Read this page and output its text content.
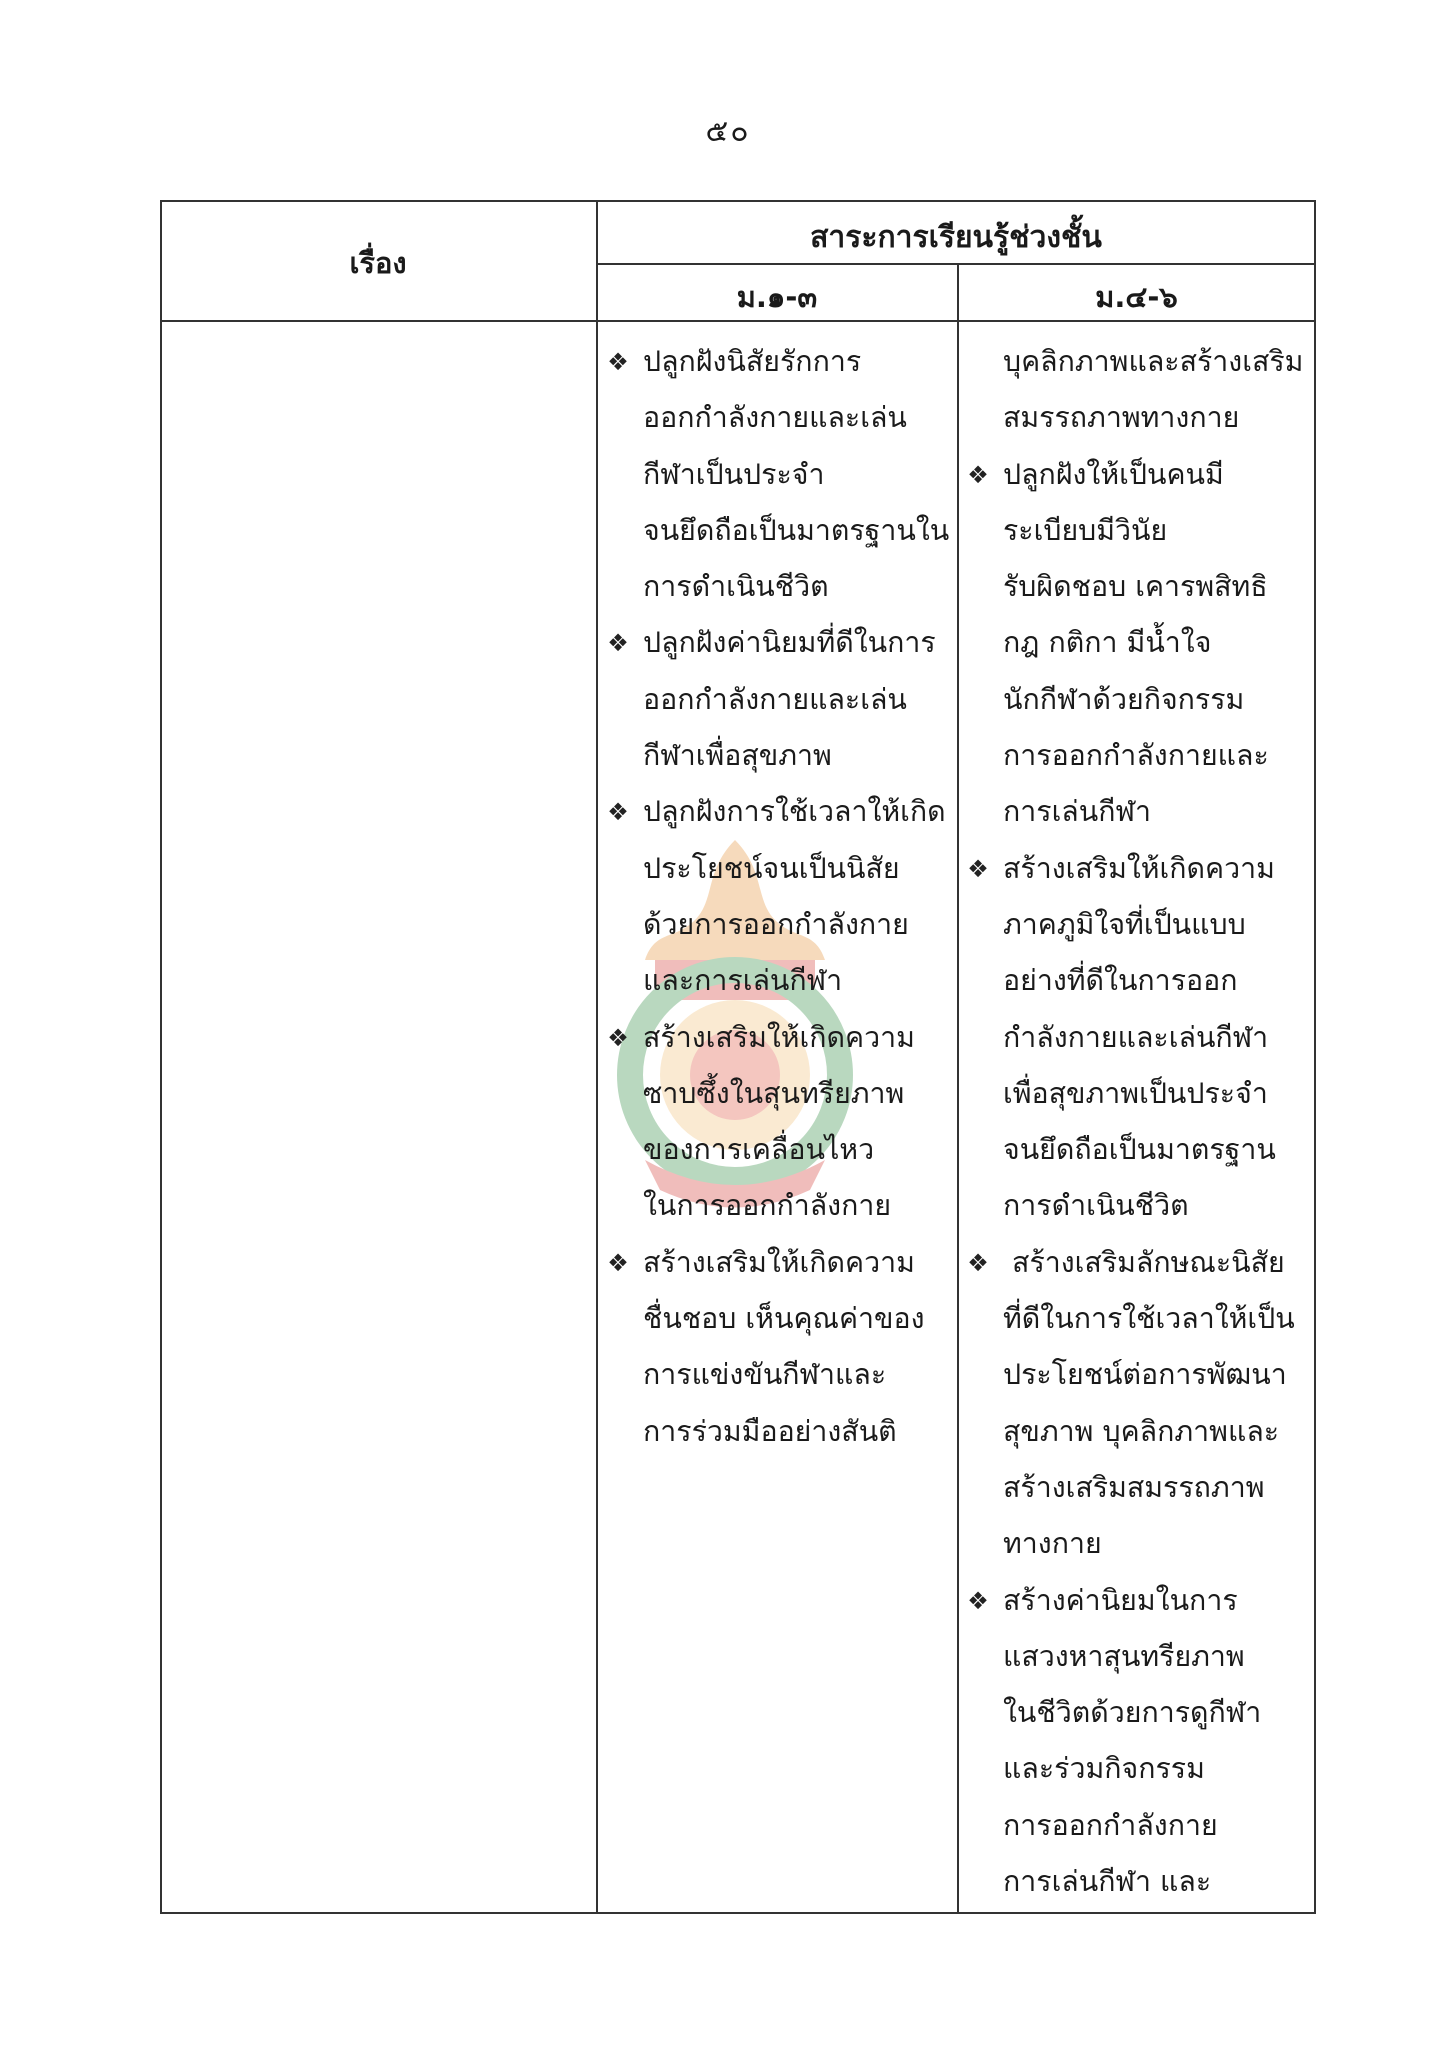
๕๐
เรื่อง
สาระการเรียนรู้ช่วงชั้น
ม.๑-๓	ม.๔-๖
❖ ปลูกฝังนิสัยรักการ
ออกกำลังกายและเล่น
กีฬาเป็นประจำ
จนยึดถือเป็นมาตรฐานใน
การดำเนินชีวิต
❖ ปลูกฝังค่านิยมที่ดีในการ
ออกกำลังกายและเล่น
กีฬาเพื่อสุขภาพ
❖ ปลูกฝังการใช้เวลาให้เกิด
ประโยชน์จนเป็นนิสัย
ด้วยการออกกำลังกาย
และการเล่นกีฬา
❖ สร้างเสริมให้เกิดความ
ซาบซึ้งในสุนทรียภาพ
ของการเคลื่อนไหว
ในการออกกำลังกาย
❖ สร้างเสริมให้เกิดความ
ชื่นชอบ เห็นคุณค่าของ
การแข่งขันกีฬาและ
การร่วมมืออย่างสันติ
บุคลิกภาพและสร้างเสริม
สมรรถภาพทางกาย
❖ ปลูกฝังให้เป็นคนมี
ระเบียบมีวินัย
รับผิดชอบ เคารพสิทธิ
กฎ กติกา มีน้ำใจ
นักกีฬาด้วยกิจกรรม
การออกกำลังกายและ
การเล่นกีฬา
❖ สร้างเสริมให้เกิดความ
ภาคภูมิใจที่เป็นแบบ
อย่างที่ดีในการออก
กำลังกายและเล่นกีฬา
เพื่อสุขภาพเป็นประจำ
จนยึดถือเป็นมาตรฐาน
การดำเนินชีวิต
❖ สร้างเสริมลักษณะนิสัย
ที่ดีในการใช้เวลาให้เป็น
ประโยชน์ต่อการพัฒนา
สุขภาพ บุคลิกภาพและ
สร้างเสริมสมรรถภาพ
ทางกาย
❖ สร้างค่านิยมในการ
แสวงหาสุนทรียภาพ
ในชีวิตด้วยการดูกีฬา
และร่วมกิจกรรม
การออกกำลังกาย
การเล่นกีฬา และ
